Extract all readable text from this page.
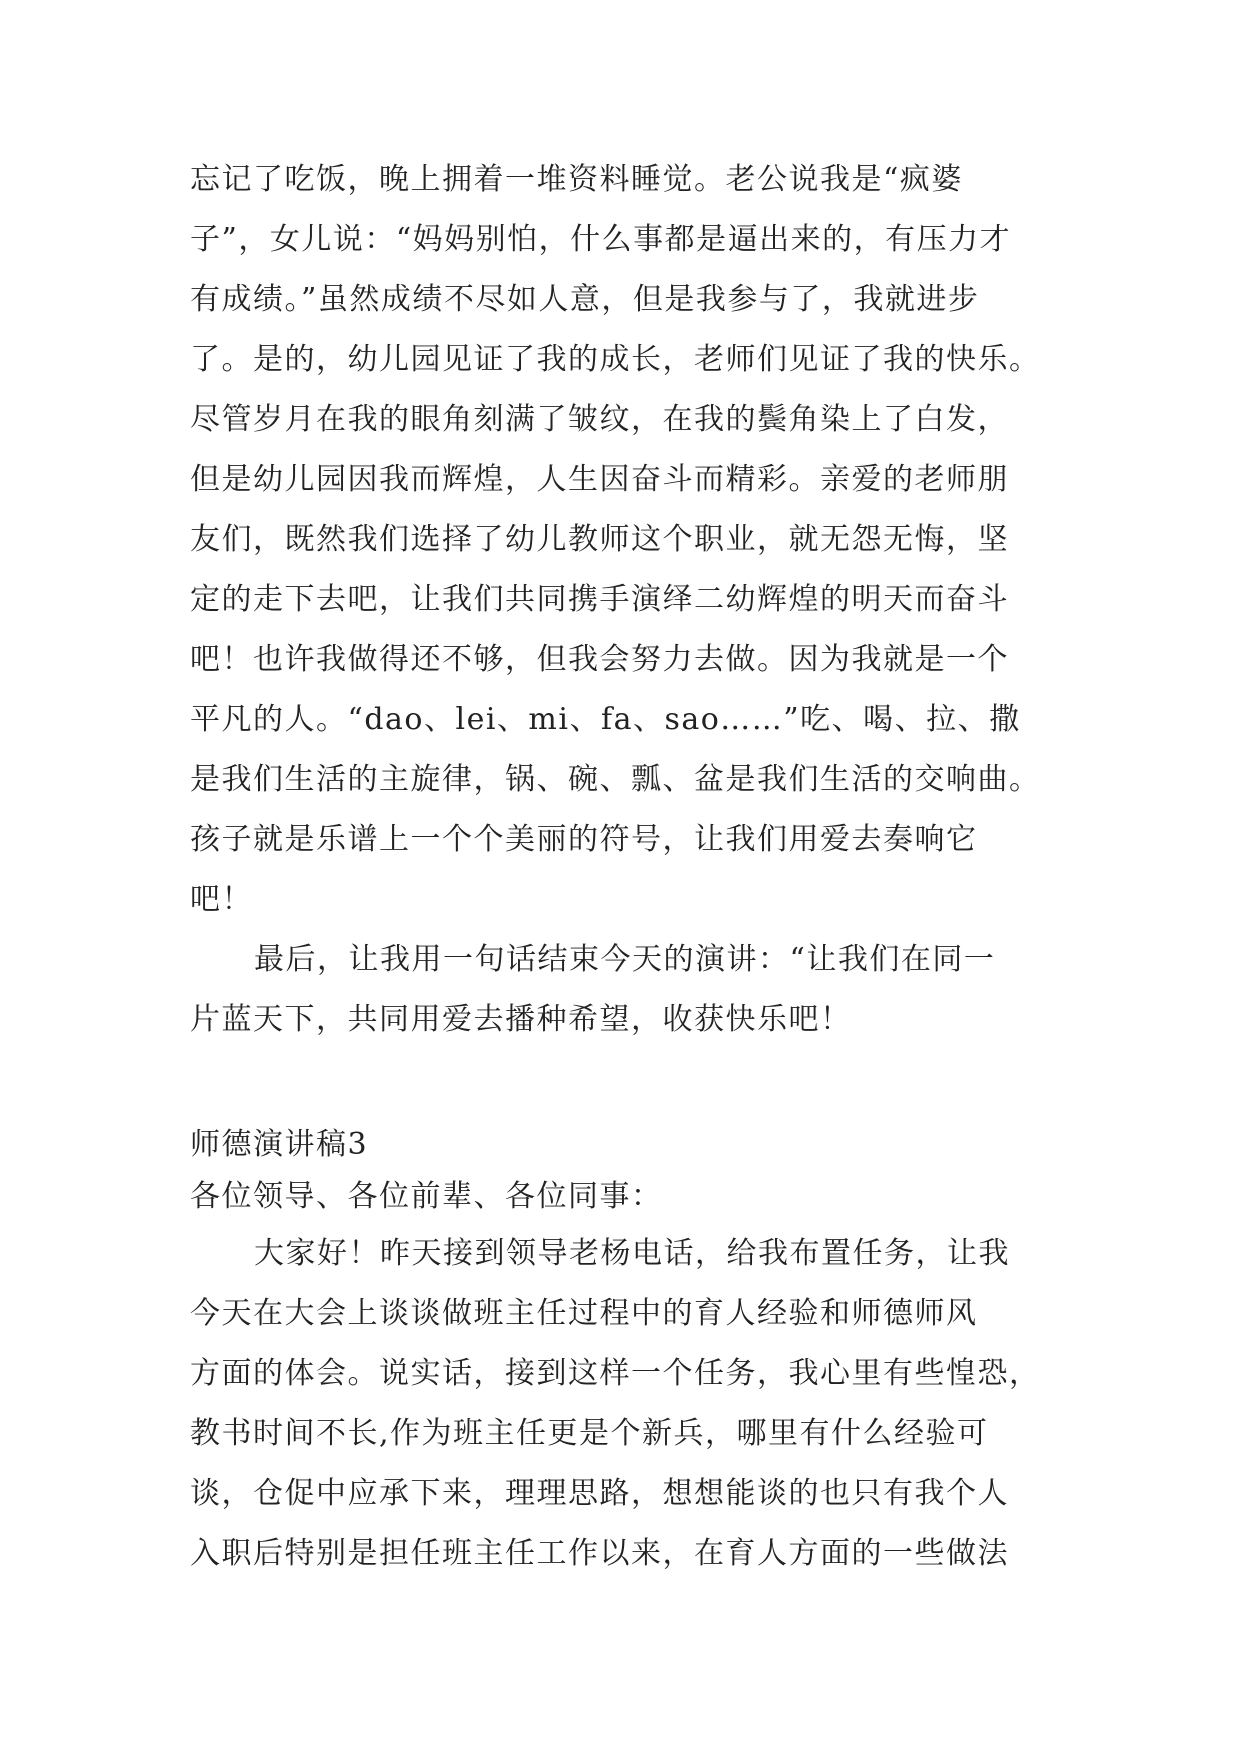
忘记了吃饭，晚上拥着一堆资料睡觉。老公说我是“疯婆

子”，女儿说：“妈妈别怕，什么事都是逼出来的，有压力才

有成绩。”虽然成绩不尽如人意，但是我参与了，我就进步

了。是的，幼儿园见证了我的成长，老师们见证了我的快乐。

尽管岁月在我的眼角刻满了皱纹，在我的鬓角染上了白发，

但是幼儿园因我而辉煌，人生因奋斗而精彩。亲爱的老师朋

友们，既然我们选择了幼儿教师这个职业，就无怨无悔，坚

定的走下去吧，让我们共同携手演绎二幼辉煌的明天而奋斗

吧！也许我做得还不够，但我会努力去做。因为我就是一个

平凡的人。“dao、lei、mi、fa、sao……”吃、喝、拉、撒

是我们生活的主旋律，锅、碗、瓢、盆是我们生活的交响曲。

孩子就是乐谱上一个个美丽的符号，让我们用爱去奏响它

吧！

最后，让我用一句话结束今天的演讲：“让我们在同一

片蓝天下，共同用爱去播种希望，收获快乐吧！

师德演讲稿3

各位领导、各位前辈、各位同事：

大家好！昨天接到领导老杨电话，给我布置任务，让我

今天在大会上谈谈做班主任过程中的育人经验和师德师风

方面的体会。说实话，接到这样一个任务，我心里有些惶恐，

教书时间不长,作为班主任更是个新兵，哪里有什么经验可

谈，仓促中应承下来，理理思路，想想能谈的也只有我个人

入职后特别是担任班主任工作以来，在育人方面的一些做法
